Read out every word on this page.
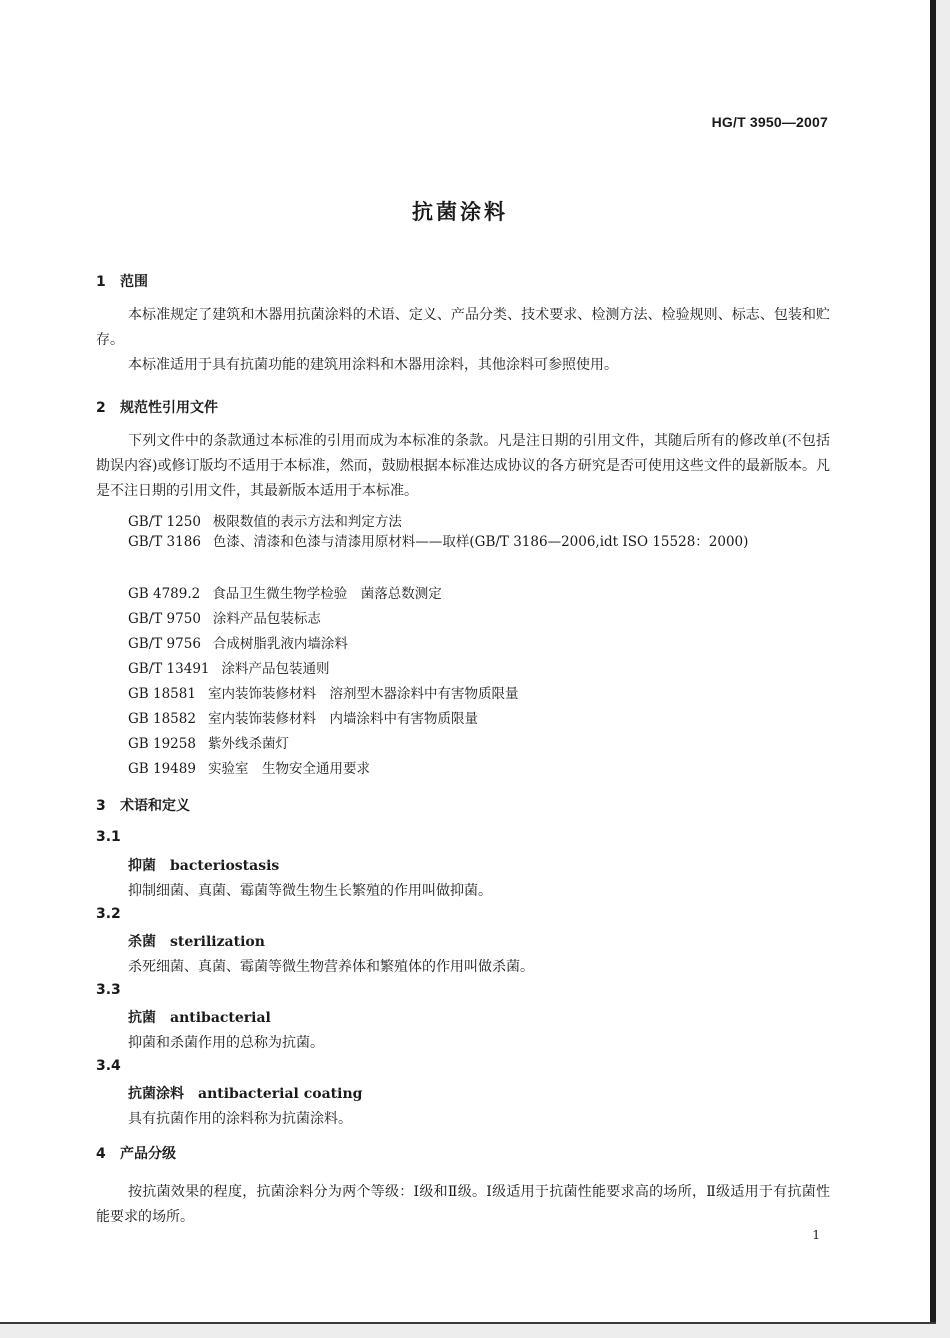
HG/T 3950—2007
抗菌涂料
1 范围
本标准规定了建筑和木器用抗菌涂料的术语、定义、产品分类、技术要求、检测方法、检验规则、标志、包装和贮存。
本标准适用于具有抗菌功能的建筑用涂料和木器用涂料，其他涂料可参照使用。
2 规范性引用文件
下列文件中的条款通过本标准的引用而成为本标准的条款。凡是注日期的引用文件，其随后所有的修改单(不包括勘误内容)或修订版均不适用于本标准，然而，鼓励根据本标准达成协议的各方研究是否可使用这些文件的最新版本。凡是不注日期的引用文件，其最新版本适用于本标准。
GB/T 1250 极限数值的表示方法和判定方法
GB/T 3186 色漆、清漆和色漆与清漆用原材料——取样(GB/T 3186—2006,idt ISO 15528：2000)
GB 4789.2 食品卫生微生物学检验　菌落总数测定
GB/T 9750 涂料产品包装标志
GB/T 9756 合成树脂乳液内墙涂料
GB/T 13491 涂料产品包装通则
GB 18581 室内装饰装修材料　溶剂型木器涂料中有害物质限量
GB 18582 室内装饰装修材料　内墙涂料中有害物质限量
GB 19258 紫外线杀菌灯
GB 19489 实验室　生物安全通用要求
3 术语和定义
3.1
抑菌 bacteriostasis
抑制细菌、真菌、霉菌等微生物生长繁殖的作用叫做抑菌。
3.2
杀菌 sterilization
杀死细菌、真菌、霉菌等微生物营养体和繁殖体的作用叫做杀菌。
3.3
抗菌 antibacterial
抑菌和杀菌作用的总称为抗菌。
3.4
抗菌涂料 antibacterial coating
具有抗菌作用的涂料称为抗菌涂料。
4 产品分级
按抗菌效果的程度，抗菌涂料分为两个等级：Ⅰ级和Ⅱ级。Ⅰ级适用于抗菌性能要求高的场所，Ⅱ级适用于有抗菌性能要求的场所。
1
